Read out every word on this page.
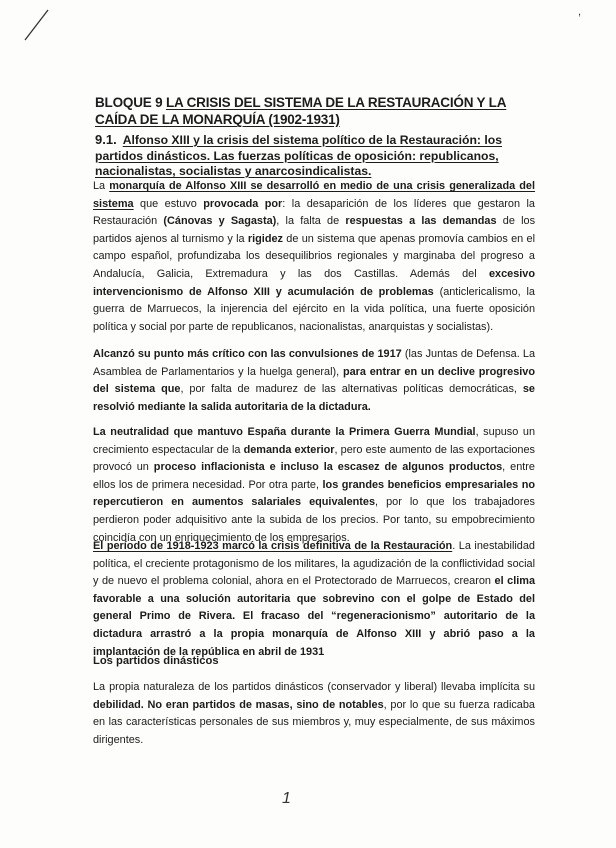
,
BLOQUE 9 LA CRISIS DEL SISTEMA DE LA RESTAURACIÓN Y LA CAÍDA DE LA MONARQUÍA (1902-1931)
9.1. Alfonso XIII y la crisis del sistema político de la Restauración: los partidos dinásticos. Las fuerzas políticas de oposición: republicanos, nacionalistas, socialistas y anarcosindicalistas.

La monarquía de Alfonso XIII se desarrolló en medio de una crisis generalizada del sistema que estuvo provocada por: la desaparición de los líderes que gestaron la Restauración (Cánovas y Sagasta), la falta de respuestas a las demandas de los partidos ajenos al turnismo y la rigidez de un sistema que apenas promovía cambios en el campo español, profundizaba los desequilibrios regionales y marginaba del progreso a Andalucía, Galicia, Extremadura y las dos Castillas. Además del excesivo intervencionismo de Alfonso XIII y acumulación de problemas (anticlericalismo, la guerra de Marruecos, la injerencia del ejército en la vida política, una fuerte oposición política y social por parte de republicanos, nacionalistas, anarquistas y socialistas).

Alcanzó su punto más crítico con las convulsiones de 1917 (las Juntas de Defensa. La Asamblea de Parlamentarios y la huelga general), para entrar en un declive progresivo del sistema que, por falta de madurez de las alternativas políticas democráticas, se resolvió mediante la salida autoritaria de la dictadura.

La neutralidad que mantuvo España durante la Primera Guerra Mundial, supuso un crecimiento espectacular de la demanda exterior, pero este aumento de las exportaciones provocó un proceso inflacionista e incluso la escasez de algunos productos, entre ellos los de primera necesidad. Por otra parte, los grandes beneficios empresariales no repercutieron en aumentos salariales equivalentes, por lo que los trabajadores perdieron poder adquisitivo ante la subida de los precios. Por tanto, su empobrecimiento coincidía con un enriquecimiento de los empresarios.

El período de 1918-1923 marcó la crisis definitiva de la Restauración. La inestabilidad política, el creciente protagonismo de los militares, la agudización de la conflictividad social y de nuevo el problema colonial, ahora en el Protectorado de Marruecos, crearon el clima favorable a una solución autoritaria que sobrevino con el golpe de Estado del general Primo de Rivera. El fracaso del “regeneracionismo” autoritario de la dictadura arrastró a la propia monarquía de Alfonso XIII y abrió paso a la implantación de la república en abril de 1931

Los partidos dinásticos

La propia naturaleza de los partidos dinásticos (conservador y liberal) llevaba implícita su debilidad. No eran partidos de masas, sino de notables, por lo que su fuerza radicaba en las características personales de sus miembros y, muy especialmente, de sus máximos dirigentes.

1
